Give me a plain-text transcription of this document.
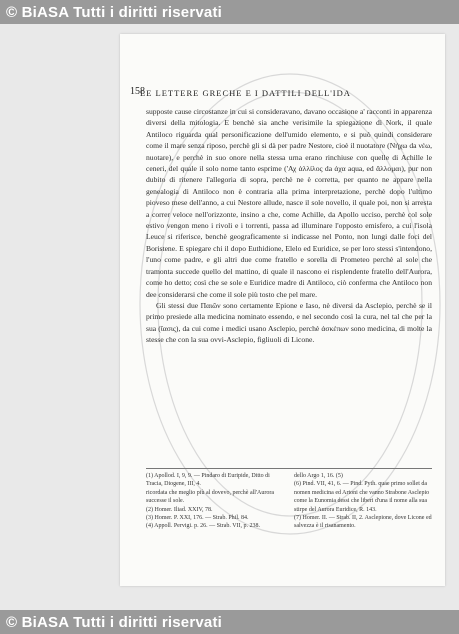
© BiASA Tutti i diritti riservati
158
LE LETTERE GRECHE E I DATTILI DELL'IDA

supposte cause circostanze in cui si consideravano, davano occasione a' racconti in apparenza diversi della mitologia. E benchè sia anche verisimile la spiegazione di Nork, il quale Antiloco riguarda qual personificazione dell'umido elemento, e si può quindi considerare come il mare senza riposo, perchè gli si dà per padre Nestore, cioè il nuotatore (Νήχω da νέω, nuotare), e perchè in suo onore nella stessa urna erano rinchiuse con quelle di Achille le ceneri, del quale il solo nome tanto esprime ('Αχ ἀλλίλος da ἀχα aqua, ed ἄλλομαι), pur non dubito di ritenere l'allegoria di sopra, perchè ne è corretta, per quanto ne appare nella genealogia di Antiloco non è contraria alla prima interpretazione, perchè dopo l'ultimo pioveso mese dell'anno, a cui Nestore allude, nasce il sole novello, il quale poi, non si arresta a correr veloce nell'orizzonte, insino a che, come Achille, da Apollo ucciso, perchè col sole estivo vengon meno i rivoli e i torrenti, passa ad illuminare l'opposto emisfero, a cui l'isola Leuce si riferisce, benchè geograficamente si indicasse nel Ponto, non lungi dalle foci del Boristene. E spiegare chi il dopo Euthidione, Elelo ed Euridice, se per loro stessi s'intendono, l'uno come padre, e gli altri due come fratello e sorella di Prometeo perchè al sole che tramonta succede quello del mattino, di quale il nascono ei risplendente fratello dell'Aurora, come ho detto; così che se sole e Euridice madre di Antiloco, ciò conferma che Antiloco non dee considerarsi che come il sole più tosto che pel mare.

Gli stessi due Παιῶν sono certamente Epione e Iaso, nè diversi da Asclepio, perchè se il primo presiede alla medicina nominato essendo, e nel secondo così la cura, nel tal che per la sua (ἴασις), da cui come i medici usano Asclepio, perchè ἀσκέπων sono medicina, di molte la stesse che con la sua ovvi-Asclepio, figliuoli di Licone.

(1) Apollod. I, 9, 9. — Pindaro di Euripide, Ditto di Tracia, Diogene, III, 4.

ricordata che meglio più al dovevo, perchè all'Aurora successe il sole.

(2) Homer. Iliad. XXIV, 78.

(3) Homer. P. XXI, 176. — Strab. Phil. 84.

(4) Appoll. Pervigi. p. 26. — Strab. VII, p. 238.

dello Argo 1, 16. (5)

(6) Pind. VII, 41, 6. — Pind. Pyth. quae primo sollet da nomen medicina ed Artoni che vanno Strabone Asclepio come la Eunomia dessi che liberi d'una il nome alla sua stirpe del Aurora Euridice, R. 143.

(7) Homer. II. — Strab. II, 2. Asclepione, dove Licone ed salvezza è il risanamento.

© BiASA Tutti i diritti riservati
